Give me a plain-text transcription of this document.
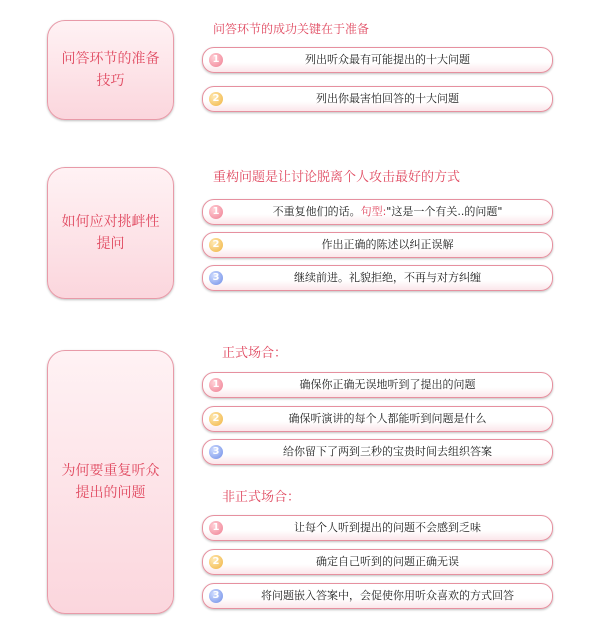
问答环节的准备技巧
问答环节的成功关键在于准备
1	列出听众最有可能提出的十大问题
2	列出你最害怕回答的十大问题
如何应对挑衅性提问
重构问题是让讨论脱离个人攻击最好的方式
1	不重复他们的话。句型:"这是一个有关..的问题"
2	作出正确的陈述以纠正误解
3	继续前进。礼貌拒绝，不再与对方纠缠
为何要重复听众提出的问题
正式场合：
1	确保你正确无误地听到了提出的问题
2	确保听演讲的每个人都能听到问题是什么
3	给你留下了两到三秒的宝贵时间去组织答案
非正式场合：
1	让每个人听到提出的问题不会感到乏味
2	确定自己听到的问题正确无误
3	将问题嵌入答案中，会促使你用听众喜欢的方式回答
